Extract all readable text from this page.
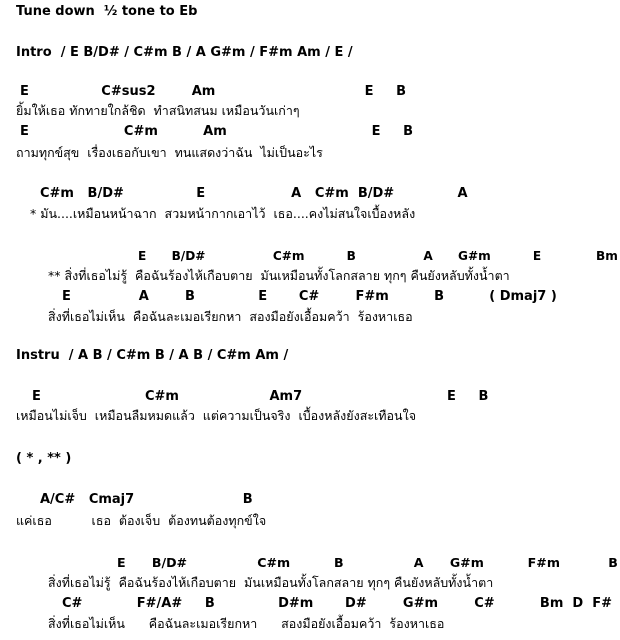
Tune down  ½ tone to Eb
Intro  / E B/D# / C#m B / A G#m / F#m Am / E /
E                C#sus2        Am                                 E     B
ยิ้มให้เธอ ทักทายใกล้ชิด  ทำสนิทสนม เหมือนวันเก่าๆ
E                     C#m          Am                                E     B
ถามทุกข์สุข  เรื่องเธอกับเขา  ทนแสดงว่าฉัน  ไม่เป็นอะไร
C#m   B/D#                E                   A   C#m  B/D#              A
* มัน....เหมือนหน้าฉาก  สวมหน้ากากเอาไว้  เธอ....คงไม่สนใจเบื้องหลัง
E      B/D#                C#m          B                A      G#m          E             Bm
** สิ่งที่เธอไม่รู้  คือฉันร้องไห้เกือบตาย  มันเหมือนทั้งโลกสลาย ทุกๆ คืนยังหลับทั้งน้ำตา
E               A        B              E       C#        F#m          B          ( Dmaj7 )
สิ่งที่เธอไม่เห็น  คือฉันละเมอเรียกหา  สองมือยังเอื้อมคว้า  ร้องหาเธอ
Instru  / A B / C#m B / A B / C#m Am /
E                       C#m                    Am7                                E     B
เหมือนไม่เจ็บ  เหมือนลืมหมดแล้ว  แต่ความเป็นจริง  เบื้องหลังยังสะเทือนใจ
( * , ** )
A/C#   Cmaj7                        B
แค่เธอ          เธอ  ต้องเจ็บ  ต้องทนต้องทุกข์ใจ
E      B/D#                C#m          B                A      G#m          F#m           B
สิ่งที่เธอไม่รู้  คือฉันร้องไห้เกือบตาย  มันเหมือนทั้งโลกสลาย ทุกๆ คืนยังหลับทั้งน้ำตา
C#            F#/A#     B              D#m       D#        G#m        C#          Bm  D  F#
สิ่งที่เธอไม่เห็น      คือฉันละเมอเรียกหา      สองมือยังเอื้อมคว้า  ร้องหาเธอ
